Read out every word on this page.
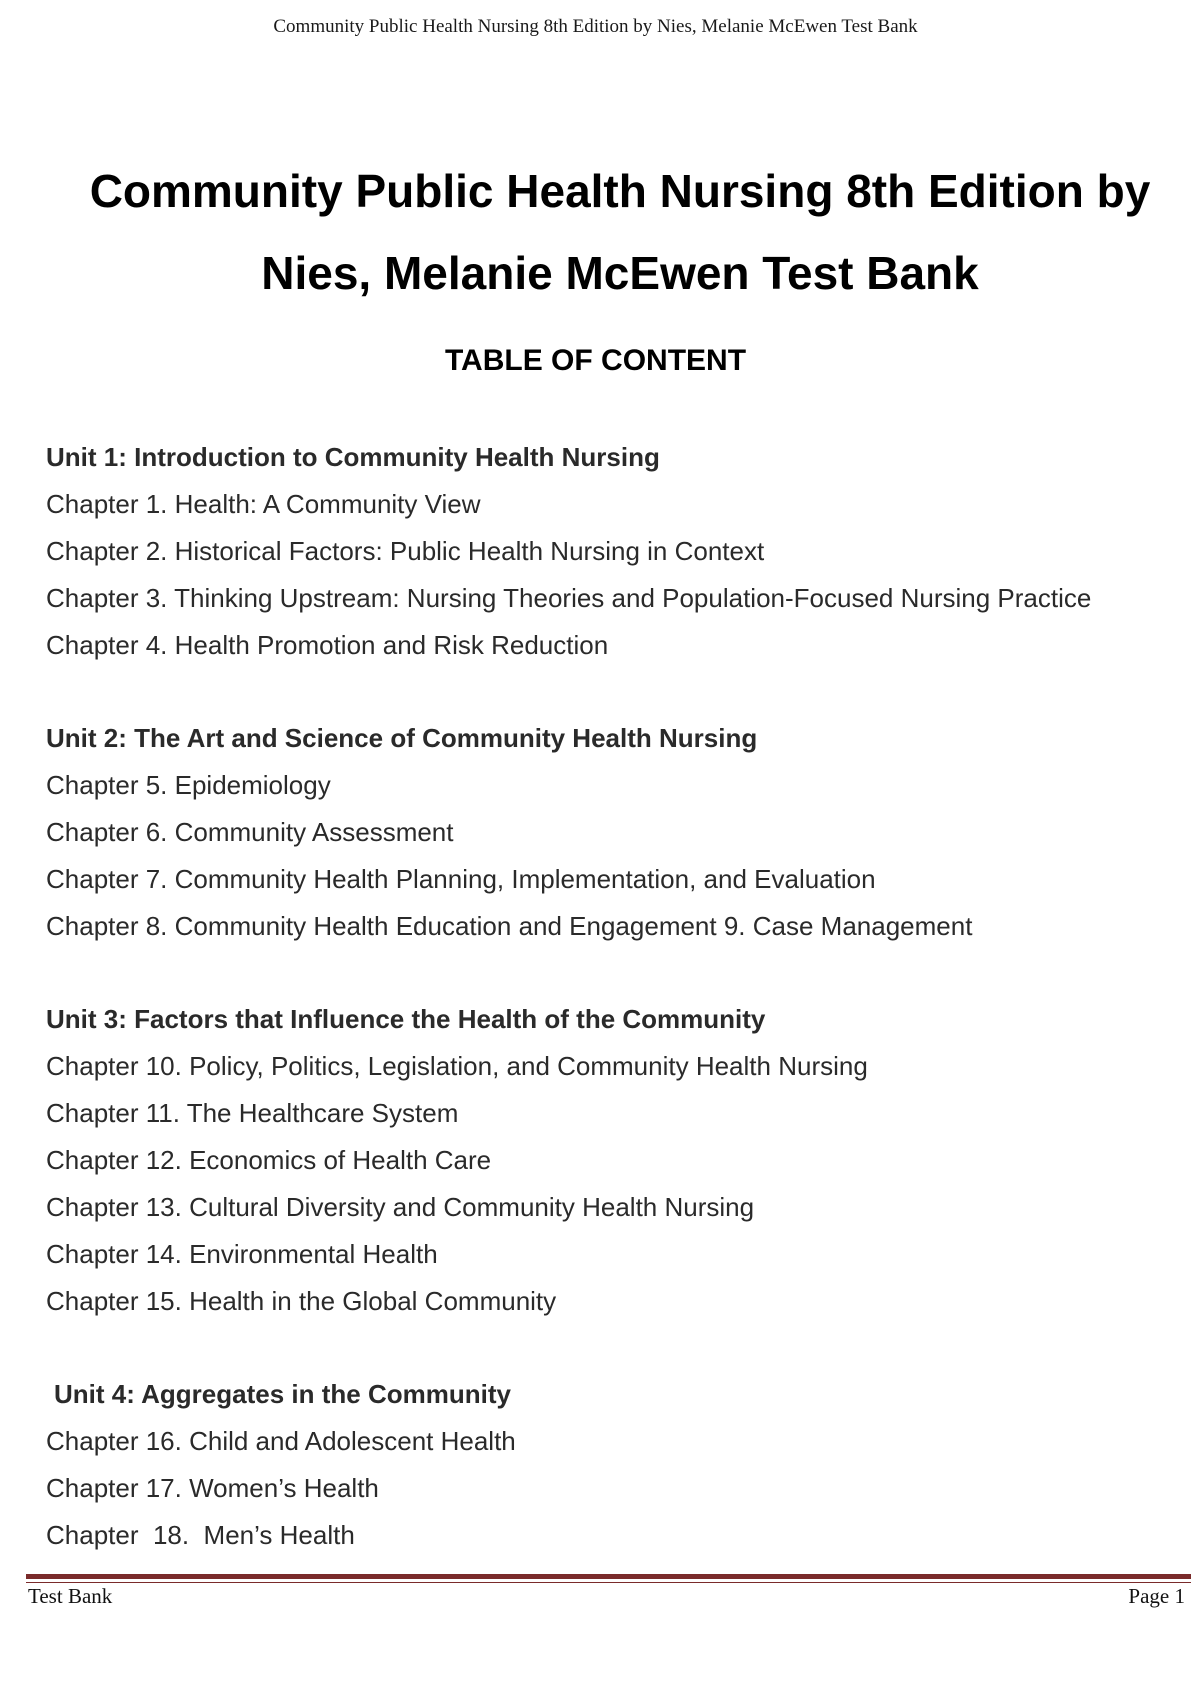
Community Public Health Nursing 8th Edition by Nies, Melanie McEwen Test Bank
Community Public Health Nursing 8th Edition by
Nies, Melanie McEwen Test Bank
TABLE OF CONTENT

Unit 1: Introduction to Community Health Nursing

Chapter 1. Health: A Community View

Chapter 2. Historical Factors: Public Health Nursing in Context

Chapter 3. Thinking Upstream: Nursing Theories and Population-Focused Nursing Practice

Chapter 4. Health Promotion and Risk Reduction

Unit 2: The Art and Science of Community Health Nursing

Chapter 5. Epidemiology

Chapter 6. Community Assessment

Chapter 7. Community Health Planning, Implementation, and Evaluation

Chapter 8. Community Health Education and Engagement 9. Case Management

Unit 3: Factors that Influence the Health of the Community

Chapter 10. Policy, Politics, Legislation, and Community Health Nursing

Chapter 11. The Healthcare System

Chapter 12. Economics of Health Care

Chapter 13. Cultural Diversity and Community Health Nursing

Chapter 14. Environmental Health

Chapter 15. Health in the Global Community

Unit 4: Aggregates in the Community

Chapter 16. Child and Adolescent Health

Chapter 17. Women’s Health

Chapter  18.  Men’s Health

Test Bank	Page 1
